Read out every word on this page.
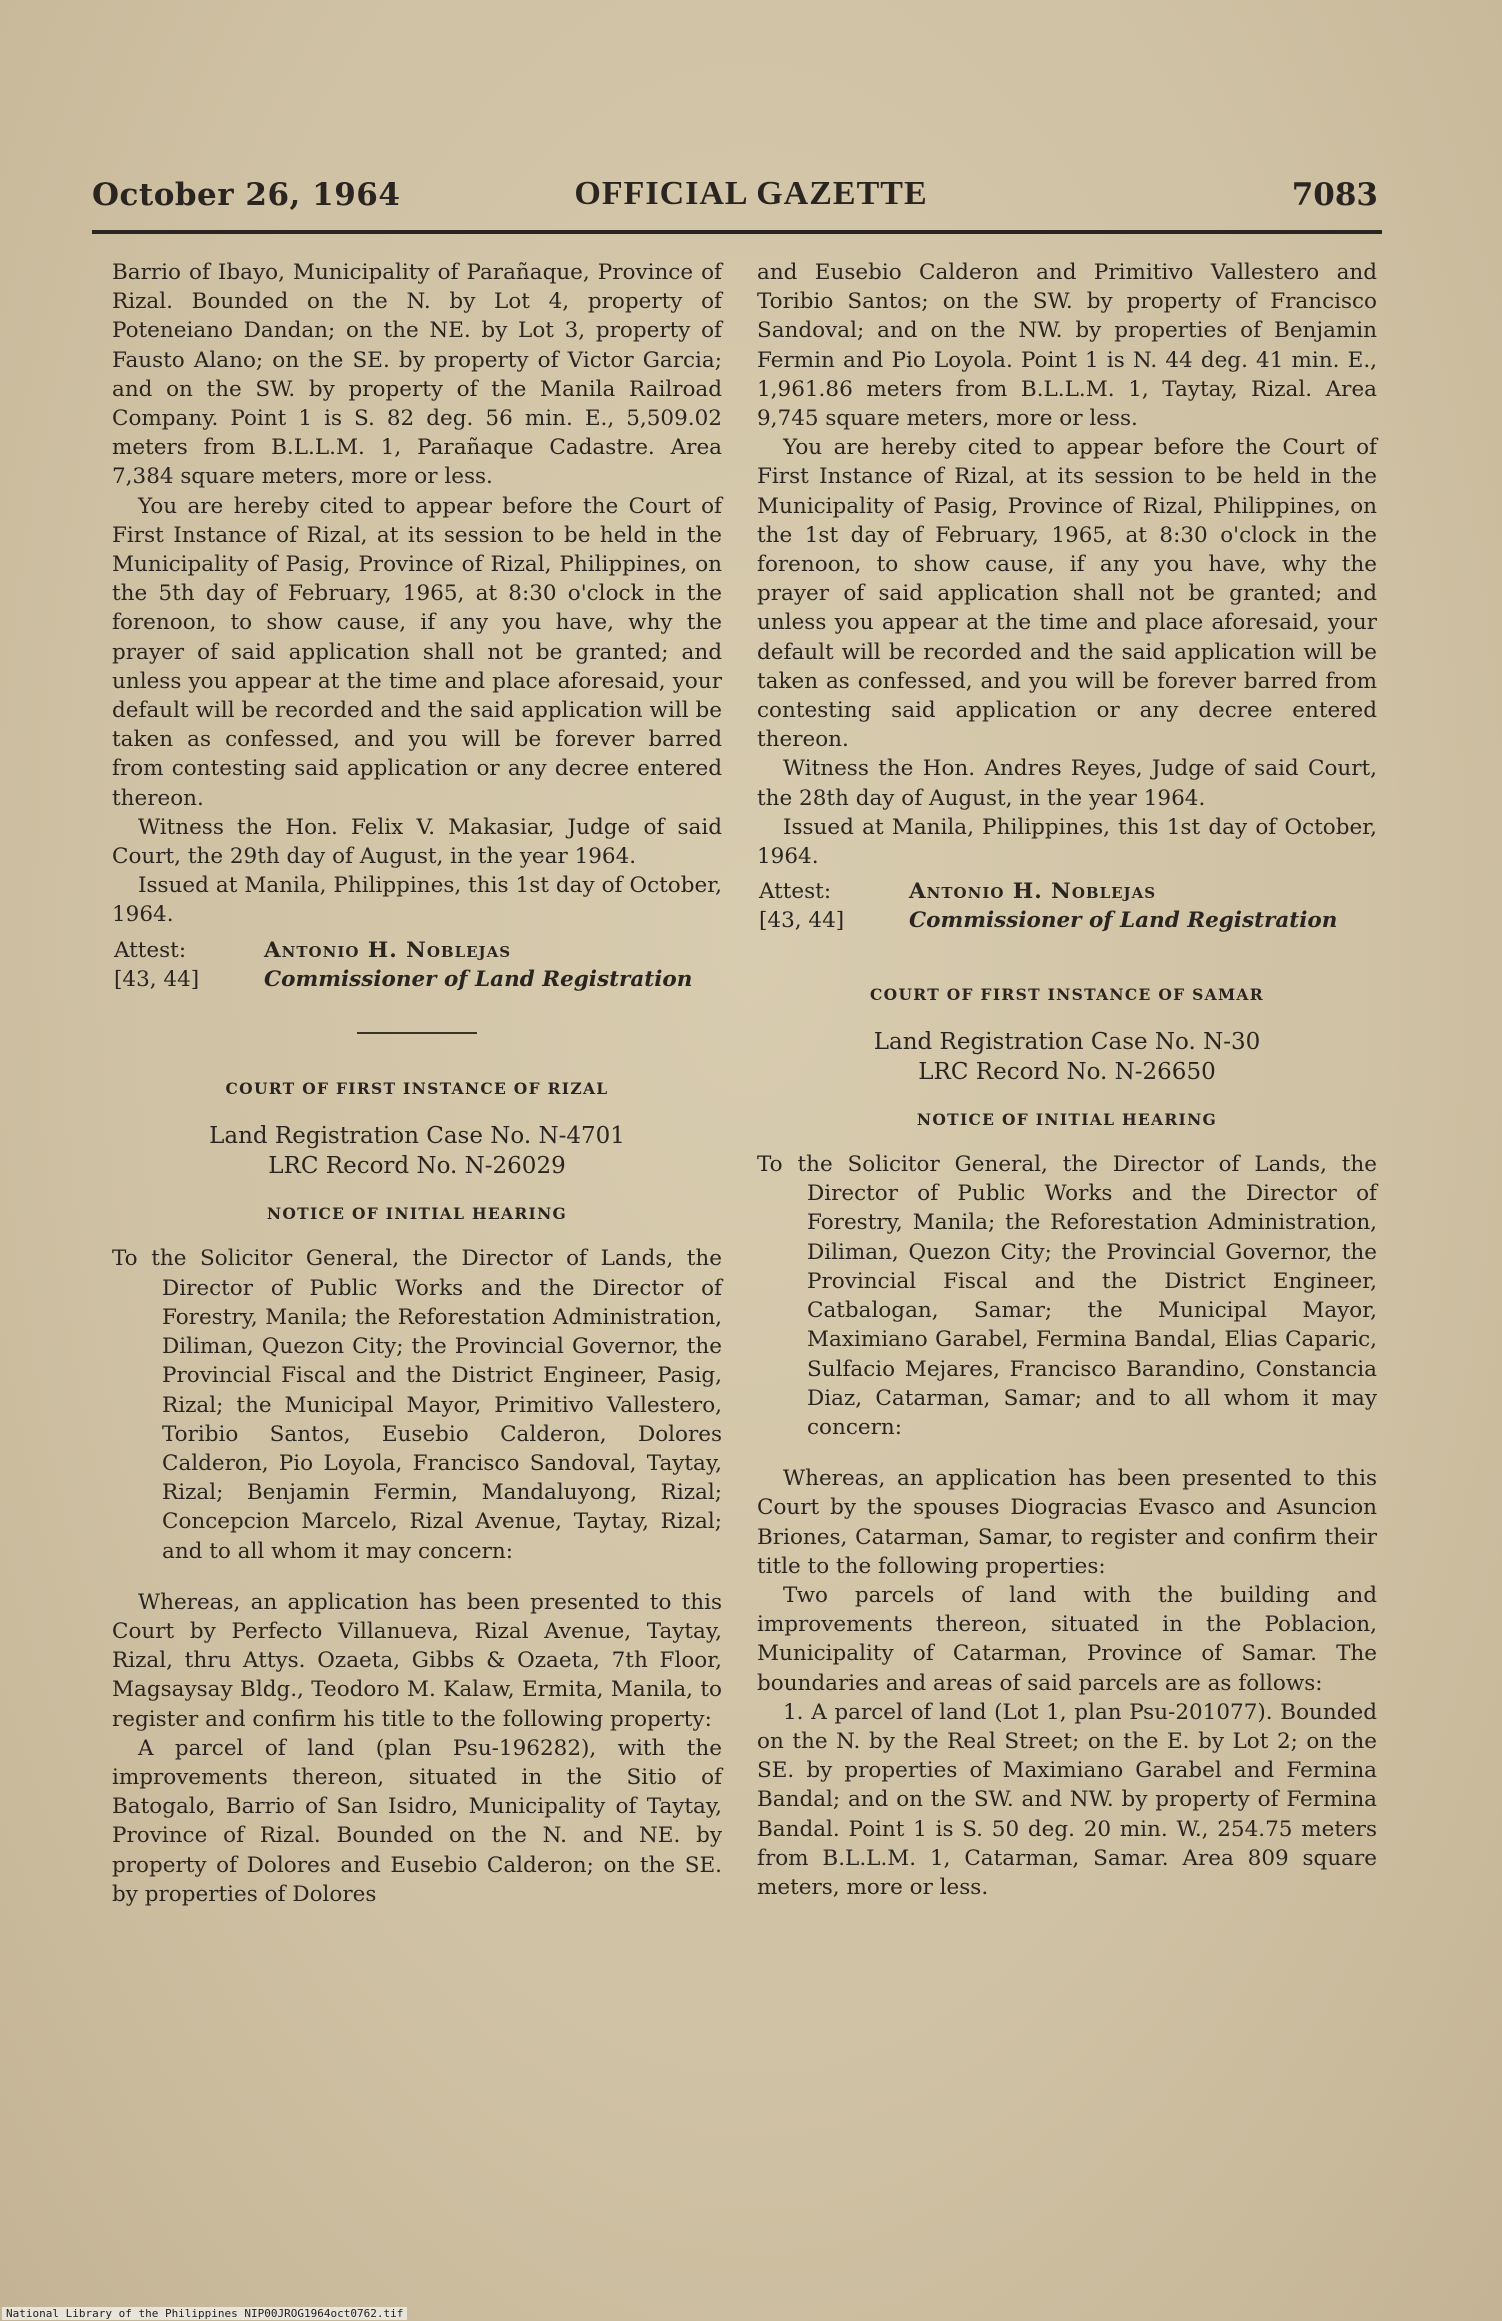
October 26, 1964	OFFICIAL GAZETTE	7083

Barrio of Ibayo, Municipality of Parañaque, Province of Rizal. Bounded on the N. by Lot 4, property of Poteneiano Dandan; on the NE. by Lot 3, property of Fausto Alano; on the SE. by property of Victor Garcia; and on the SW. by property of the Manila Railroad Company. Point 1 is S. 82 deg. 56 min. E., 5,509.02 meters from B.L.L.M. 1, Parañaque Cadastre. Area 7,384 square meters, more or less.

You are hereby cited to appear before the Court of First Instance of Rizal, at its session to be held in the Municipality of Pasig, Province of Rizal, Philippines, on the 5th day of February, 1965, at 8:30 o'clock in the forenoon, to show cause, if any you have, why the prayer of said application shall not be granted; and unless you appear at the time and place aforesaid, your default will be recorded and the said application will be taken as confessed, and you will be forever barred from contesting said application or any decree entered thereon.

Witness the Hon. Felix V. Makasiar, Judge of said Court, the 29th day of August, in the year 1964.

Issued at Manila, Philippines, this 1st day of October, 1964.

Attest:	Antonio H. Noblejas
[43, 44]	Commissioner of Land Registration
COURT OF FIRST INSTANCE OF RIZAL
Land Registration Case No. N-4701
LRC Record No. N-26029
NOTICE OF INITIAL HEARING

To the Solicitor General, the Director of Lands, the Director of Public Works and the Director of Forestry, Manila; the Reforestation Administration, Diliman, Quezon City; the Provincial Governor, the Provincial Fiscal and the District Engineer, Pasig, Rizal; the Municipal Mayor, Primitivo Vallestero, Toribio Santos, Eusebio Calderon, Dolores Calderon, Pio Loyola, Francisco Sandoval, Taytay, Rizal; Benjamin Fermin, Mandaluyong, Rizal; Concepcion Marcelo, Rizal Avenue, Taytay, Rizal; and to all whom it may concern:

Whereas, an application has been presented to this Court by Perfecto Villanueva, Rizal Avenue, Taytay, Rizal, thru Attys. Ozaeta, Gibbs & Ozaeta, 7th Floor, Magsaysay Bldg., Teodoro M. Kalaw, Ermita, Manila, to register and confirm his title to the following property:

A parcel of land (plan Psu-196282), with the improvements thereon, situated in the Sitio of Batogalo, Barrio of San Isidro, Municipality of Taytay, Province of Rizal. Bounded on the N. and NE. by property of Dolores and Eusebio Calderon; on the SE. by properties of Dolores

and Eusebio Calderon and Primitivo Vallestero and Toribio Santos; on the SW. by property of Francisco Sandoval; and on the NW. by properties of Benjamin Fermin and Pio Loyola. Point 1 is N. 44 deg. 41 min. E., 1,961.86 meters from B.L.L.M. 1, Taytay, Rizal. Area 9,745 square meters, more or less.

You are hereby cited to appear before the Court of First Instance of Rizal, at its session to be held in the Municipality of Pasig, Province of Rizal, Philippines, on the 1st day of February, 1965, at 8:30 o'clock in the forenoon, to show cause, if any you have, why the prayer of said application shall not be granted; and unless you appear at the time and place aforesaid, your default will be recorded and the said application will be taken as confessed, and you will be forever barred from contesting said application or any decree entered thereon.

Witness the Hon. Andres Reyes, Judge of said Court, the 28th day of August, in the year 1964.

Issued at Manila, Philippines, this 1st day of October, 1964.

Attest:	Antonio H. Noblejas
[43, 44]	Commissioner of Land Registration
COURT OF FIRST INSTANCE OF SAMAR
Land Registration Case No. N-30
LRC Record No. N-26650
NOTICE OF INITIAL HEARING

To the Solicitor General, the Director of Lands, the Director of Public Works and the Director of Forestry, Manila; the Reforestation Administration, Diliman, Quezon City; the Provincial Governor, the Provincial Fiscal and the District Engineer, Catbalogan, Samar; the Municipal Mayor, Maximiano Garabel, Fermina Bandal, Elias Caparic, Sulfacio Mejares, Francisco Barandino, Constancia Diaz, Catarman, Samar; and to all whom it may concern:

Whereas, an application has been presented to this Court by the spouses Diogracias Evasco and Asuncion Briones, Catarman, Samar, to register and confirm their title to the following properties:

Two parcels of land with the building and improvements thereon, situated in the Poblacion, Municipality of Catarman, Province of Samar. The boundaries and areas of said parcels are as follows:

1. A parcel of land (Lot 1, plan Psu-201077). Bounded on the N. by the Real Street; on the E. by Lot 2; on the SE. by properties of Maximiano Garabel and Fermina Bandal; and on the SW. and NW. by property of Fermina Bandal. Point 1 is S. 50 deg. 20 min. W., 254.75 meters from B.L.L.M. 1, Catarman, Samar. Area 809 square meters, more or less.

National Library of the Philippines NIP00JROG1964oct0762.tif
